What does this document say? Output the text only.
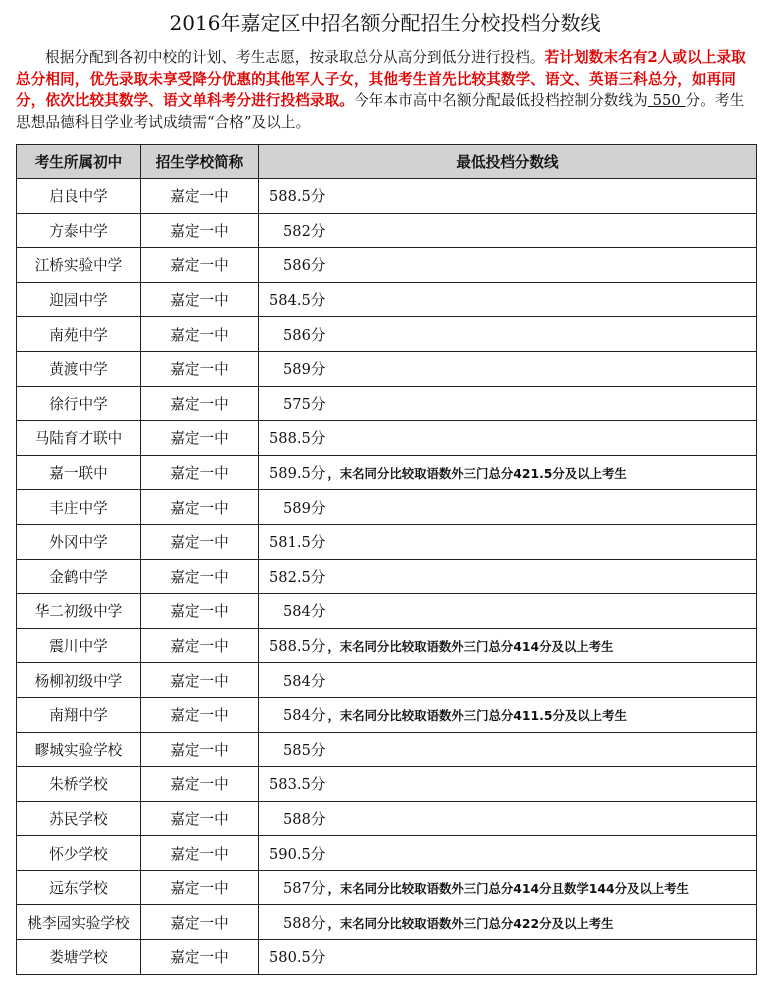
2016年嘉定区中招名额分配招生分校投档分数线
根据分配到各初中校的计划、考生志愿，按录取总分从高分到低分进行投档。若计划数末名有2人或以上录取总分相同，优先录取未享受降分优惠的其他军人子女，其他考生首先比较其数学、语文、英语三科总分，如再同分，依次比较其数学、语文单科考分进行投档录取。今年本市高中名额分配最低投档控制分数线为 550 分。考生思想品德科目学业考试成绩需“合格”及以上。
考生所属初中	招生学校简称	最低投档分数线
启良中学	嘉定一中	588.5分
方泰中学	嘉定一中	582分
江桥实验中学	嘉定一中	586分
迎园中学	嘉定一中	584.5分
南苑中学	嘉定一中	586分
黄渡中学	嘉定一中	589分
徐行中学	嘉定一中	575分
马陆育才联中	嘉定一中	588.5分
嘉一联中	嘉定一中	589.5分 ，末名同分比较取语数外三门总分421.5分及以上考生
丰庄中学	嘉定一中	589分
外冈中学	嘉定一中	581.5分
金鹤中学	嘉定一中	582.5分
华二初级中学	嘉定一中	584分
震川中学	嘉定一中	588.5分 ，末名同分比较取语数外三门总分414分及以上考生
杨柳初级中学	嘉定一中	584分
南翔中学	嘉定一中	584分 ，末名同分比较取语数外三门总分411.5分及以上考生
疁城实验学校	嘉定一中	585分
朱桥学校	嘉定一中	583.5分
苏民学校	嘉定一中	588分
怀少学校	嘉定一中	590.5分
远东学校	嘉定一中	587分 ，末名同分比较取语数外三门总分414分且数学144分及以上考生
桃李园实验学校	嘉定一中	588分 ，末名同分比较取语数外三门总分422分及以上考生
娄塘学校	嘉定一中	580.5分
